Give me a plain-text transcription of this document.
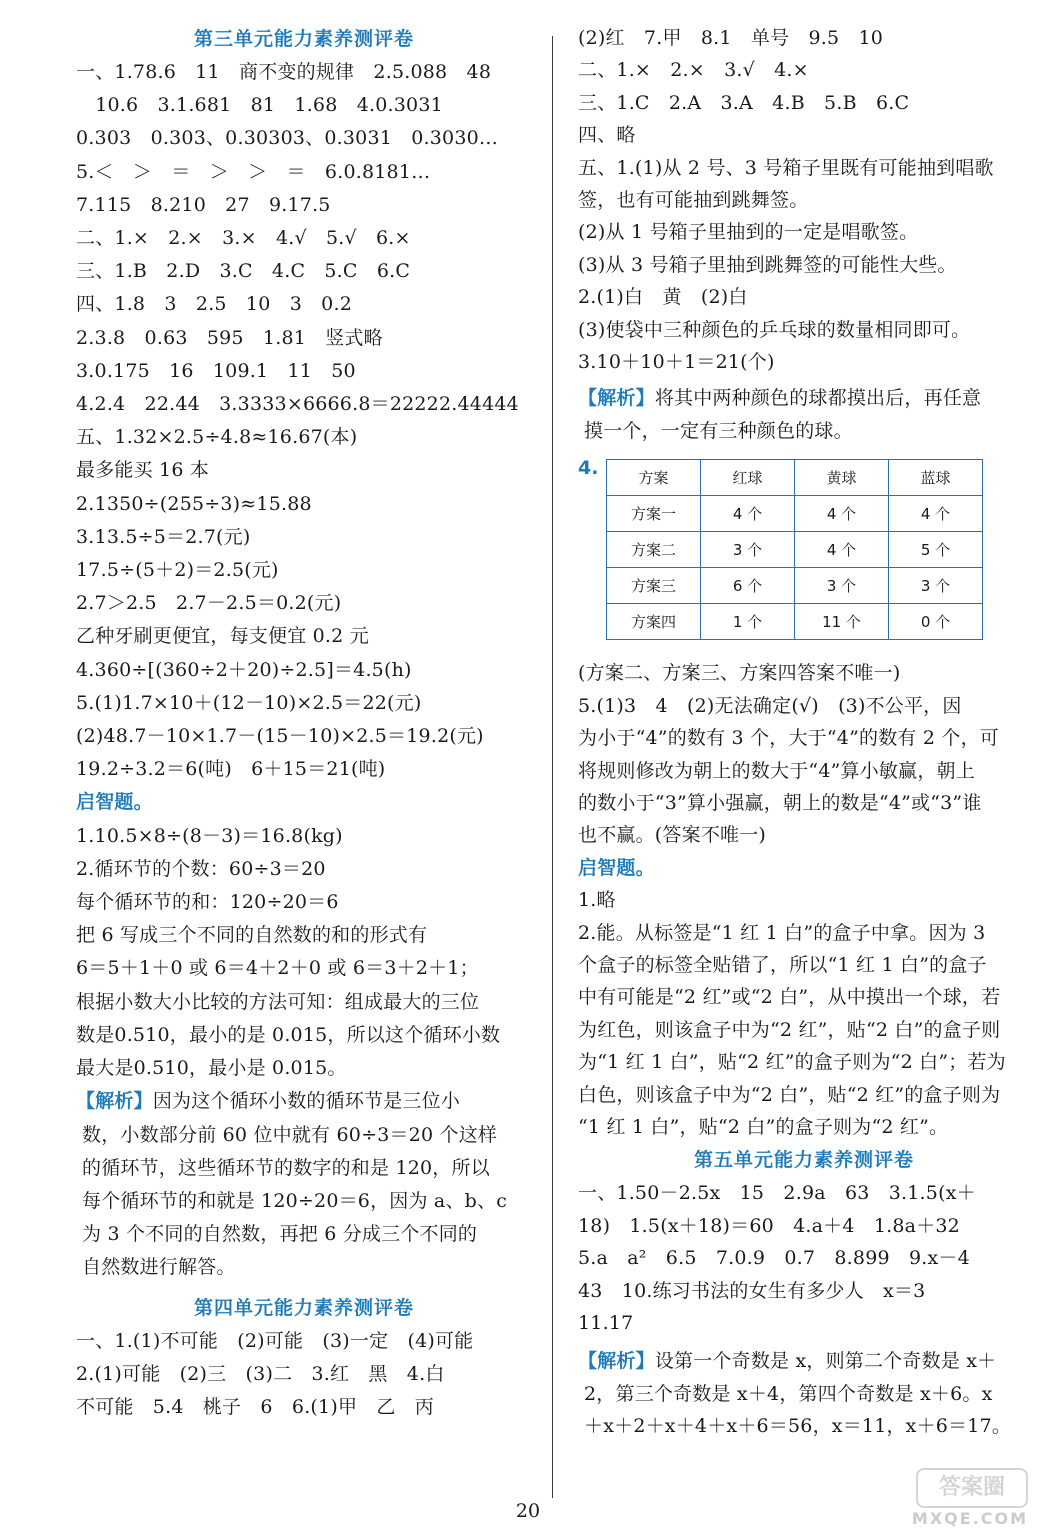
第三单元能力素养测评卷
一、1.78.6　11　商不变的规律　2.5.088　48
　10.6　3.1.681　81　1.68　4.0.3031
0.303　0.303、0.30303、0.3031　0.3030…
5.＜　＞　＝　＞　＞　＝　6.0.8181…
7.115　8.210　27　9.17.5
二、1.×　2.×　3.×　4.√　5.√　6.×
三、1.B　2.D　3.C　4.C　5.C　6.C
四、1.8　3　2.5　10　3　0.2
2.3.8　0.63　595　1.81　竖式略
3.0.175　16　109.1　11　50
4.2.4　22.44　3.3333×6666.8＝22222.44444
五、1.32×2.5÷4.8≈16.67(本)
最多能买 16 本
2.1350÷(255÷3)≈15.88
3.13.5÷5＝2.7(元)
17.5÷(5＋2)＝2.5(元)
2.7＞2.5　2.7－2.5＝0.2(元)
乙种牙刷更便宜，每支便宜 0.2 元
4.360÷[(360÷2＋20)÷2.5]＝4.5(h)
5.(1)1.7×10＋(12－10)×2.5＝22(元)
(2)48.7－10×1.7－(15－10)×2.5＝19.2(元)
19.2÷3.2＝6(吨)　6＋15＝21(吨)
启智题。
1.10.5×8÷(8－3)＝16.8(kg)
2.循环节的个数：60÷3＝20
每个循环节的和：120÷20＝6
把 6 写成三个不同的自然数的和的形式有
6＝5＋1＋0 或 6＝4＋2＋0 或 6＝3＋2＋1；
根据小数大小比较的方法可知：组成最大的三位
数是0.510，最小的是 0.015，所以这个循环小数
最大是0.510，最小是 0.015。
【解析】因为这个循环小数的循环节是三位小
数，小数部分前 60 位中就有 60÷3＝20 个这样
的循环节，这些循环节的数字的和是 120，所以
每个循环节的和就是 120÷20＝6，因为 a、b、c
为 3 个不同的自然数，再把 6 分成三个不同的
自然数进行解答。
第四单元能力素养测评卷
一、1.(1)不可能　(2)可能　(3)一定　(4)可能
2.(1)可能　(2)三　(3)二　3.红　黑　4.白
不可能　5.4　桃子　6　6.(1)甲　乙　丙
(2)红　7.甲　8.1　单号　9.5　10
二、1.×　2.×　3.√　4.×
三、1.C　2.A　3.A　4.B　5.B　6.C
四、略
五、1.(1)从 2 号、3 号箱子里既有可能抽到唱歌
签，也有可能抽到跳舞签。
(2)从 1 号箱子里抽到的一定是唱歌签。
(3)从 3 号箱子里抽到跳舞签的可能性大些。
2.(1)白　黄　(2)白
(3)使袋中三种颜色的乒乓球的数量相同即可。
3.10＋10＋1＝21(个)
【解析】将其中两种颜色的球都摸出后，再任意
摸一个，一定有三种颜色的球。
4.	方案	红球	黄球	蓝球
方案一	4 个	4 个	4 个
方案二	3 个	4 个	5 个
方案三	6 个	3 个	3 个
方案四	1 个	11 个	0 个
(方案二、方案三、方案四答案不唯一)
5.(1)3　4　(2)无法确定(√)　(3)不公平，因
为小于“4”的数有 3 个，大于“4”的数有 2 个，可
将规则修改为朝上的数大于“4”算小敏赢，朝上
的数小于“3”算小强赢，朝上的数是“4”或“3”谁
也不赢。(答案不唯一)
启智题。
1.略
2.能。从标签是“1 红 1 白”的盒子中拿。因为 3
个盒子的标签全贴错了，所以“1 红 1 白”的盒子
中有可能是“2 红”或“2 白”，从中摸出一个球，若
为红色，则该盒子中为“2 红”，贴“2 白”的盒子则
为“1 红 1 白”，贴“2 红”的盒子则为“2 白”；若为
白色，则该盒子中为“2 白”，贴“2 红”的盒子则为
“1 红 1 白”，贴“2 白”的盒子则为“2 红”。
第五单元能力素养测评卷
一、1.50－2.5x　15　2.9a　63　3.1.5(x＋
18)　1.5(x＋18)＝60　4.a＋4　1.8a＋32
5.a　a²　6.5　7.0.9　0.7　8.899　9.x－4
43　10.练习书法的女生有多少人　x＝3
11.17
【解析】设第一个奇数是 x，则第二个奇数是 x＋
2，第三个奇数是 x＋4，第四个奇数是 x＋6。x
＋x＋2＋x＋4＋x＋6＝56，x＝11，x＋6＝17。
20
答案圈
MXQE.COM
